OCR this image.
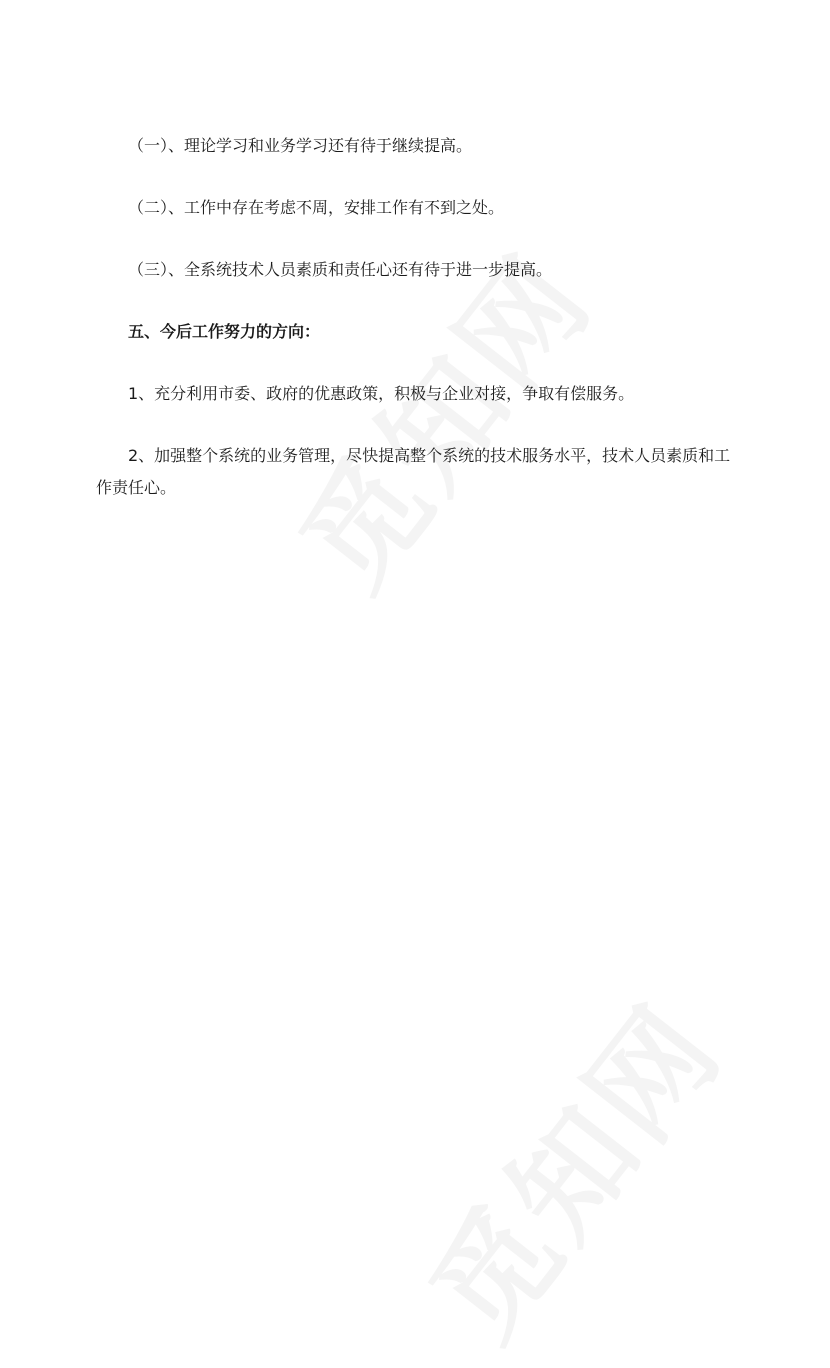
（一）、理论学习和业务学习还有待于继续提高。

（二）、工作中存在考虑不周，安排工作有不到之处。

（三）、全系统技术人员素质和责任心还有待于进一步提高。

五、今后工作努力的方向：

1、充分利用市委、政府的优惠政策，积极与企业对接，争取有偿服务。

2、加强整个系统的业务管理，尽快提高整个系统的技术服务水平，技术人员素质和工作责任心。
